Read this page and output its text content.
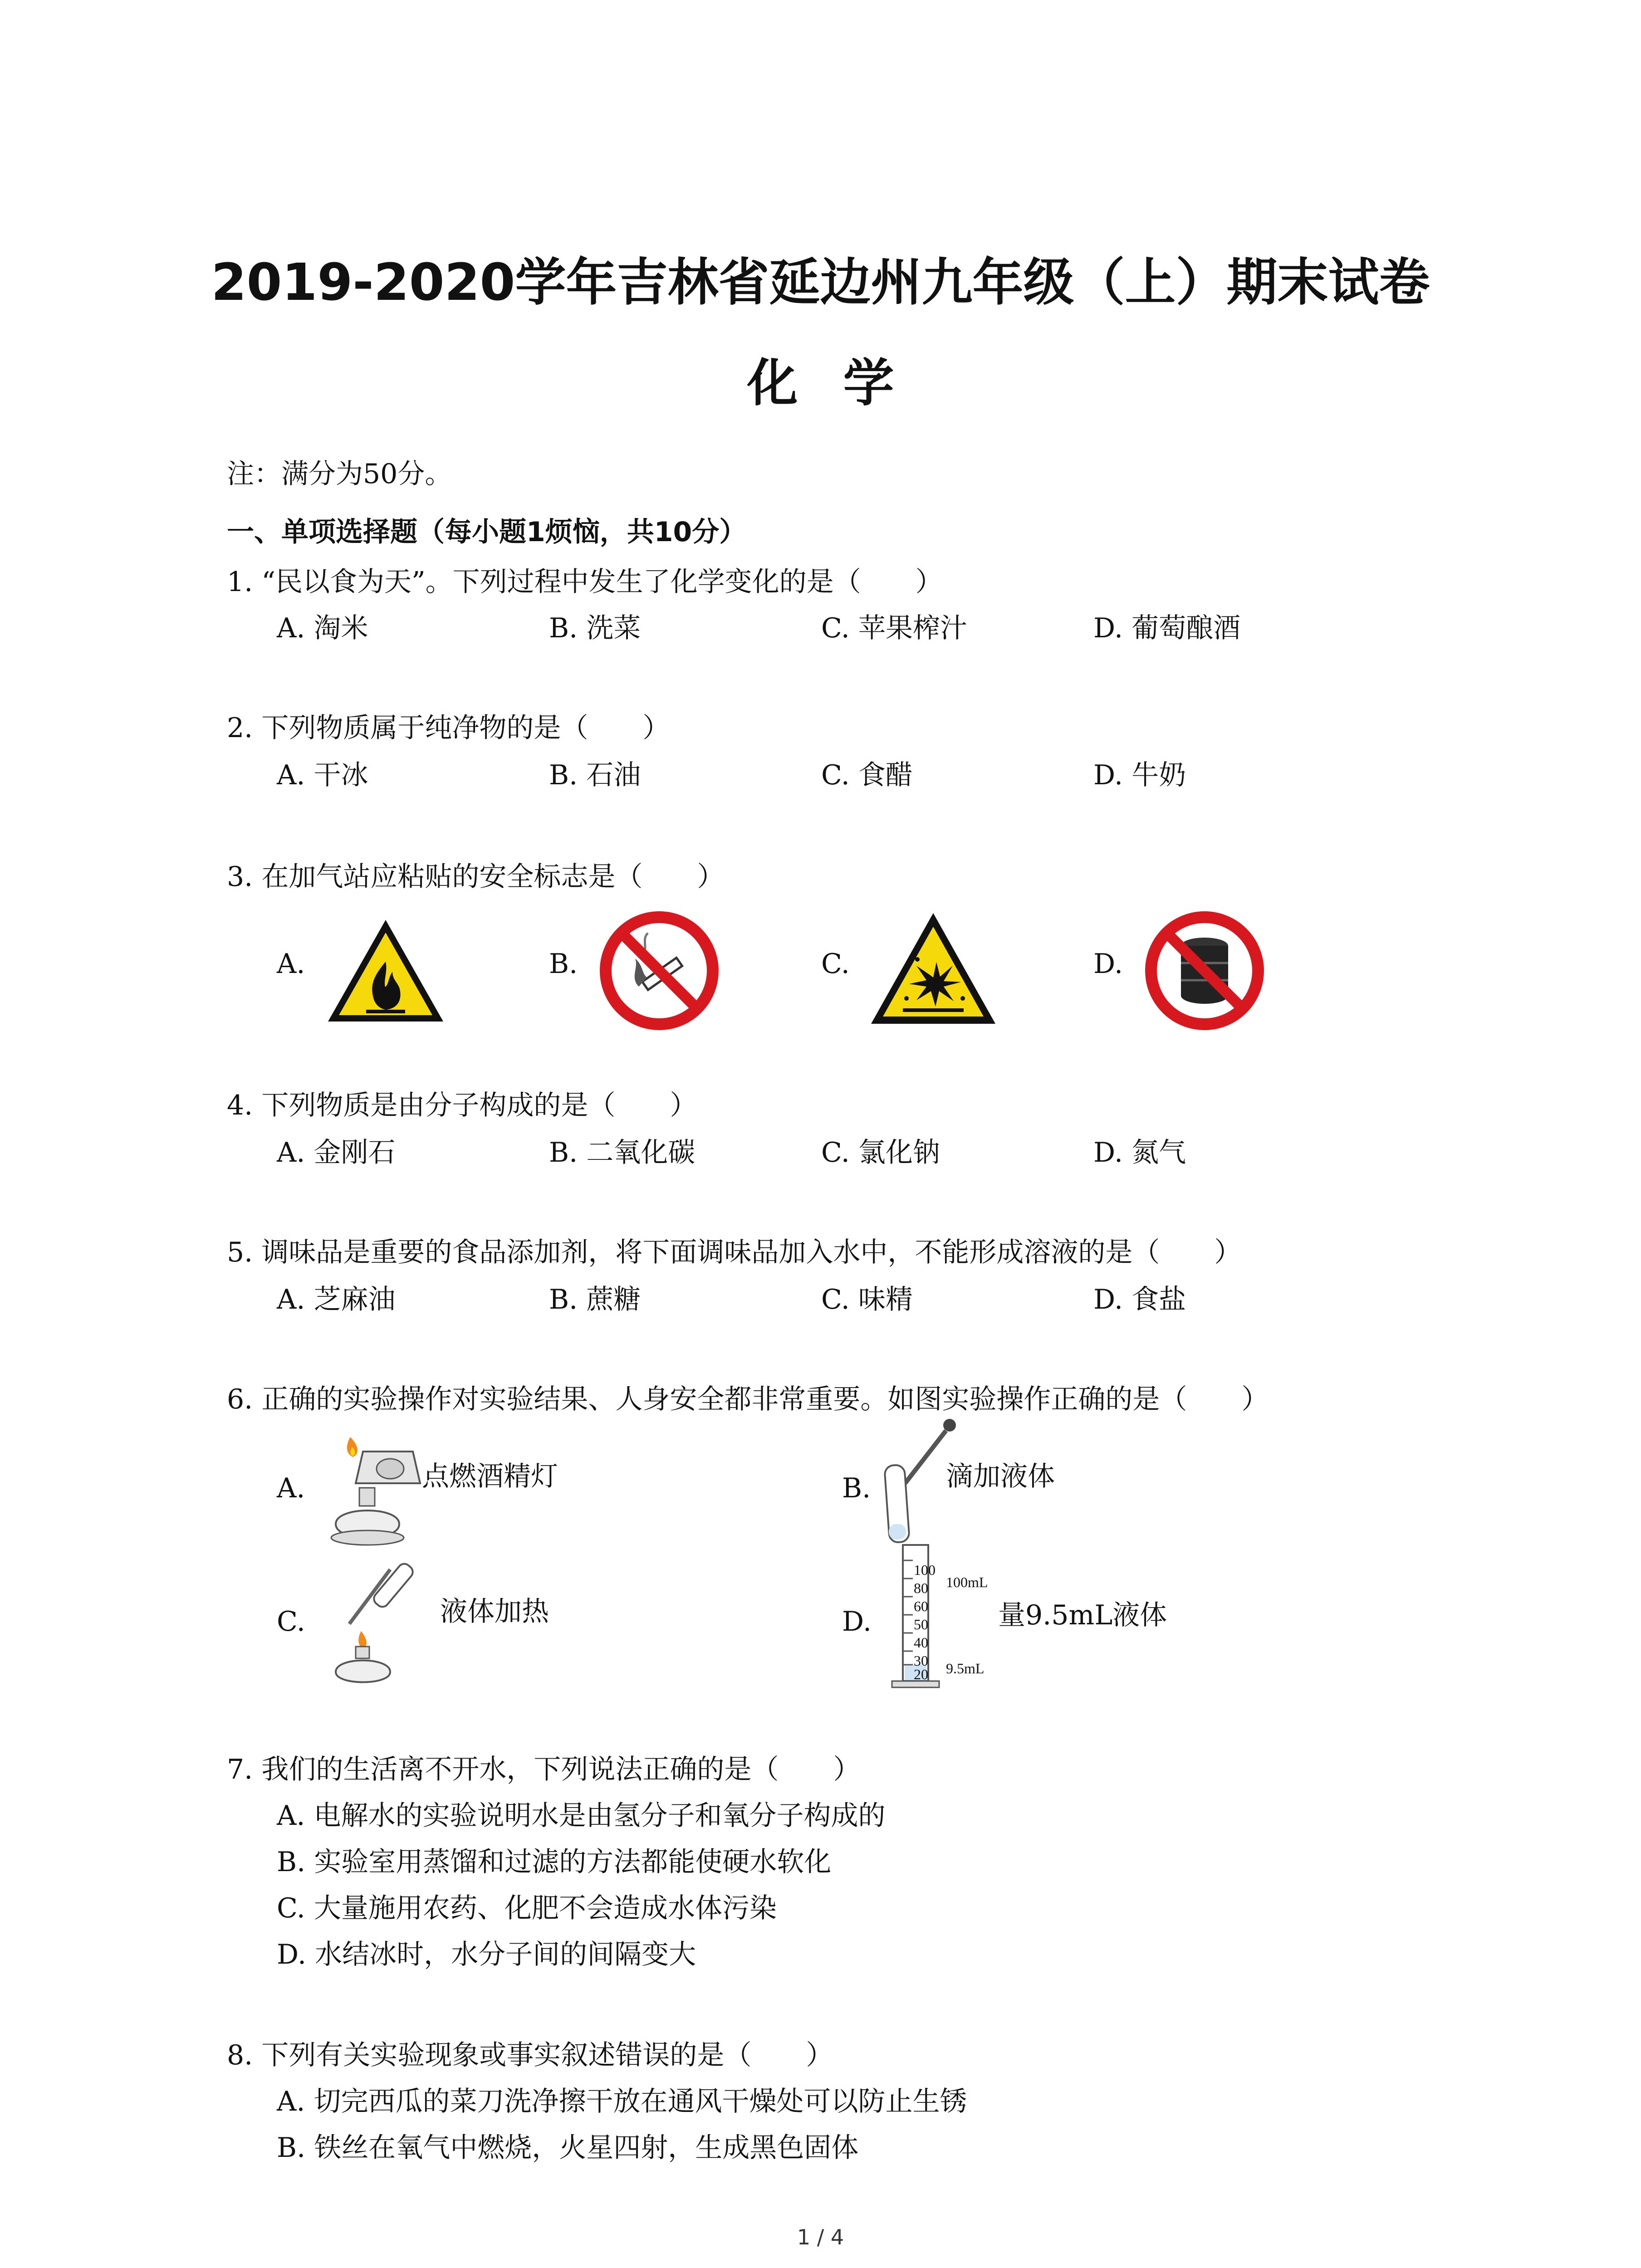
2019-2020学年吉林省延边州九年级（上）期末试卷
化学
注：满分为50分。
一、单项选择题（每小题1烦恼，共10分）
1. “民以食为天”。下列过程中发生了化学变化的是（　　）
A. 淘米	B. 洗菜	C. 苹果榨汁	D. 葡萄酿酒
2. 下列物质属于纯净物的是（　　）
A. 干冰	B. 石油	C. 食醋	D. 牛奶
3. 在加气站应粘贴的安全标志是（　　）
A.	B.	C.	D.
4. 下列物质是由分子构成的是（　　）
A. 金刚石	B. 二氧化碳	C. 氯化钠	D. 氮气
5. 调味品是重要的食品添加剂，将下面调味品加入水中，不能形成溶液的是（　　）
A. 芝麻油	B. 蔗糖	C. 味精	D. 食盐
6. 正确的实验操作对实验结果、人身安全都非常重要。如图实验操作正确的是（　　）
A.	点燃酒精灯	B.	滴加液体
C.	液体加热	D.
100
80
60
50
40
30
20
100mL
9.5mL
量9.5mL液体
7. 我们的生活离不开水，下列说法正确的是（　　）
A. 电解水的实验说明水是由氢分子和氧分子构成的
B. 实验室用蒸馏和过滤的方法都能使硬水软化
C. 大量施用农药、化肥不会造成水体污染
D. 水结冰时，水分子间的间隔变大
8. 下列有关实验现象或事实叙述错误的是（　　）
A. 切完西瓜的菜刀洗净擦干放在通风干燥处可以防止生锈
B. 铁丝在氧气中燃烧，火星四射，生成黑色固体
1 / 4
